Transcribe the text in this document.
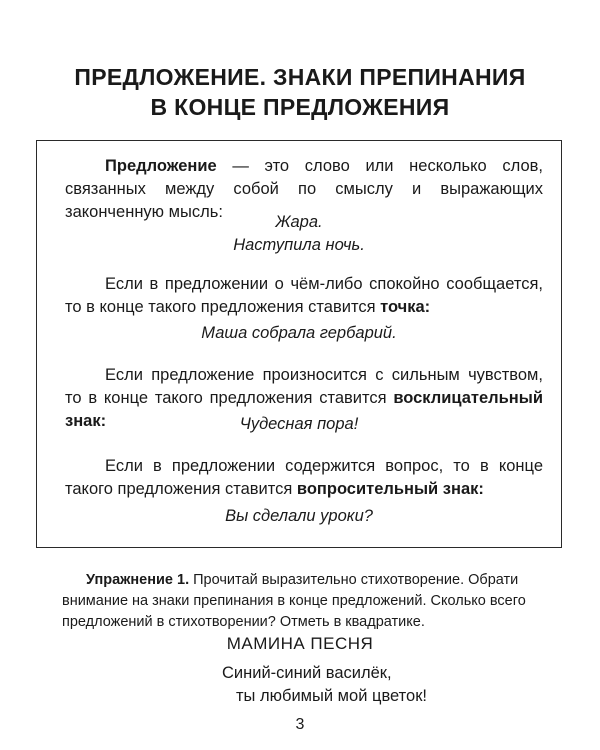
ПРЕДЛОЖЕНИЕ. ЗНАКИ ПРЕПИНАНИЯ
В КОНЦЕ ПРЕДЛОЖЕНИЯ
Предложение — это слово или несколько слов, связанных между собой по смыслу и выражающих законченную мысль:
Жара.
Наступила ночь.
Если в предложении о чём-либо спокойно сообщается, то в конце такого предложения ставится точка:
Маша собрала гербарий.
Если предложение произносится с сильным чувством, то в конце такого предложения ставится восклицательный знак:	Чудесная пора!
Если в предложении содержится вопрос, то в конце такого предложения ставится вопросительный знак:
Вы сделали уроки?
Упражнение 1. Прочитай выразительно стихотворение. Обрати внимание на знаки препинания в конце предложений. Сколько всего предложений в стихотворении? Отметь в квадратике.
МАМИНА ПЕСНЯ
Синий-синий василёк,
ты любимый мой цветок!
3
